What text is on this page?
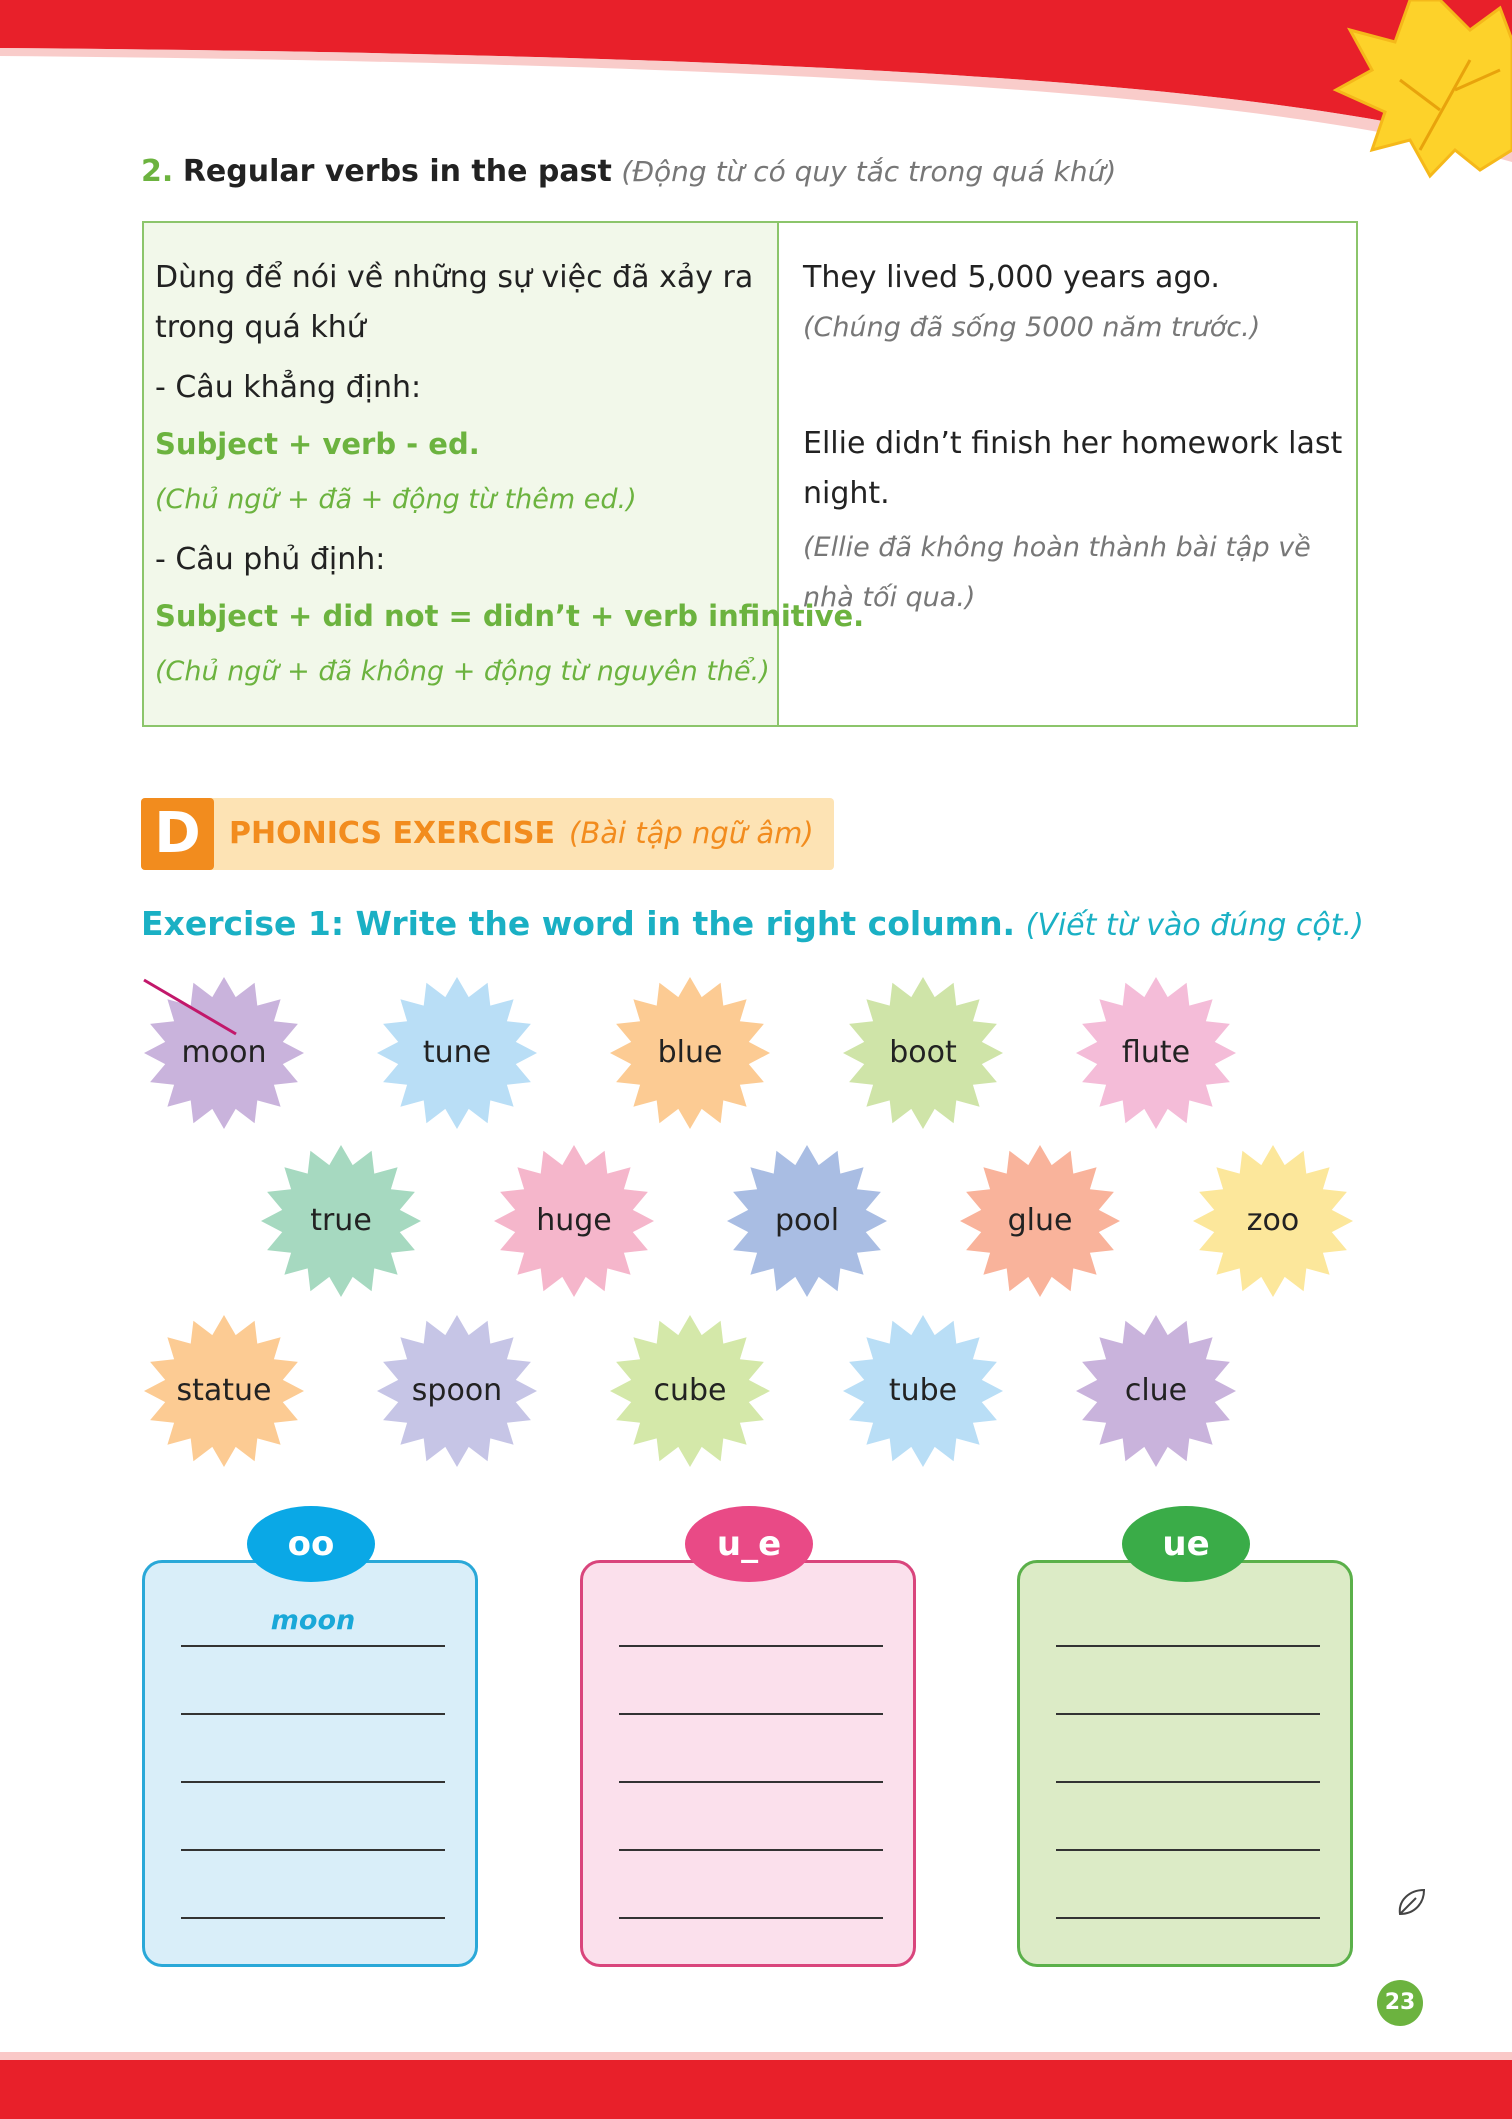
2. Regular verbs in the past (Động từ có quy tắc trong quá khứ)
Dùng để nói về những sự việc đã xảy ra
trong quá khứ
- Câu khẳng định:
Subject + verb - ed.
(Chủ ngữ + đã + động từ thêm ed.)
- Câu phủ định:
Subject + did not = didn’t + verb infinitive.
(Chủ ngữ + đã không + động từ nguyên thể.)
They lived 5,000 years ago.
(Chúng đã sống 5000 năm trước.)
Ellie didn’t finish her homework last
night.
(Ellie đã không hoàn thành bài tập về
nhà tối qua.)
D PHONICS EXERCISE (Bài tập ngữ âm)
Exercise 1: Write the word in the right column. (Viết từ vào đúng cột.)
moon	tune	blue	boot	flute
true	huge	pool	glue	zoo
statue	spoon	cube	tube	clue
moon
oo	u_e	ue
23
